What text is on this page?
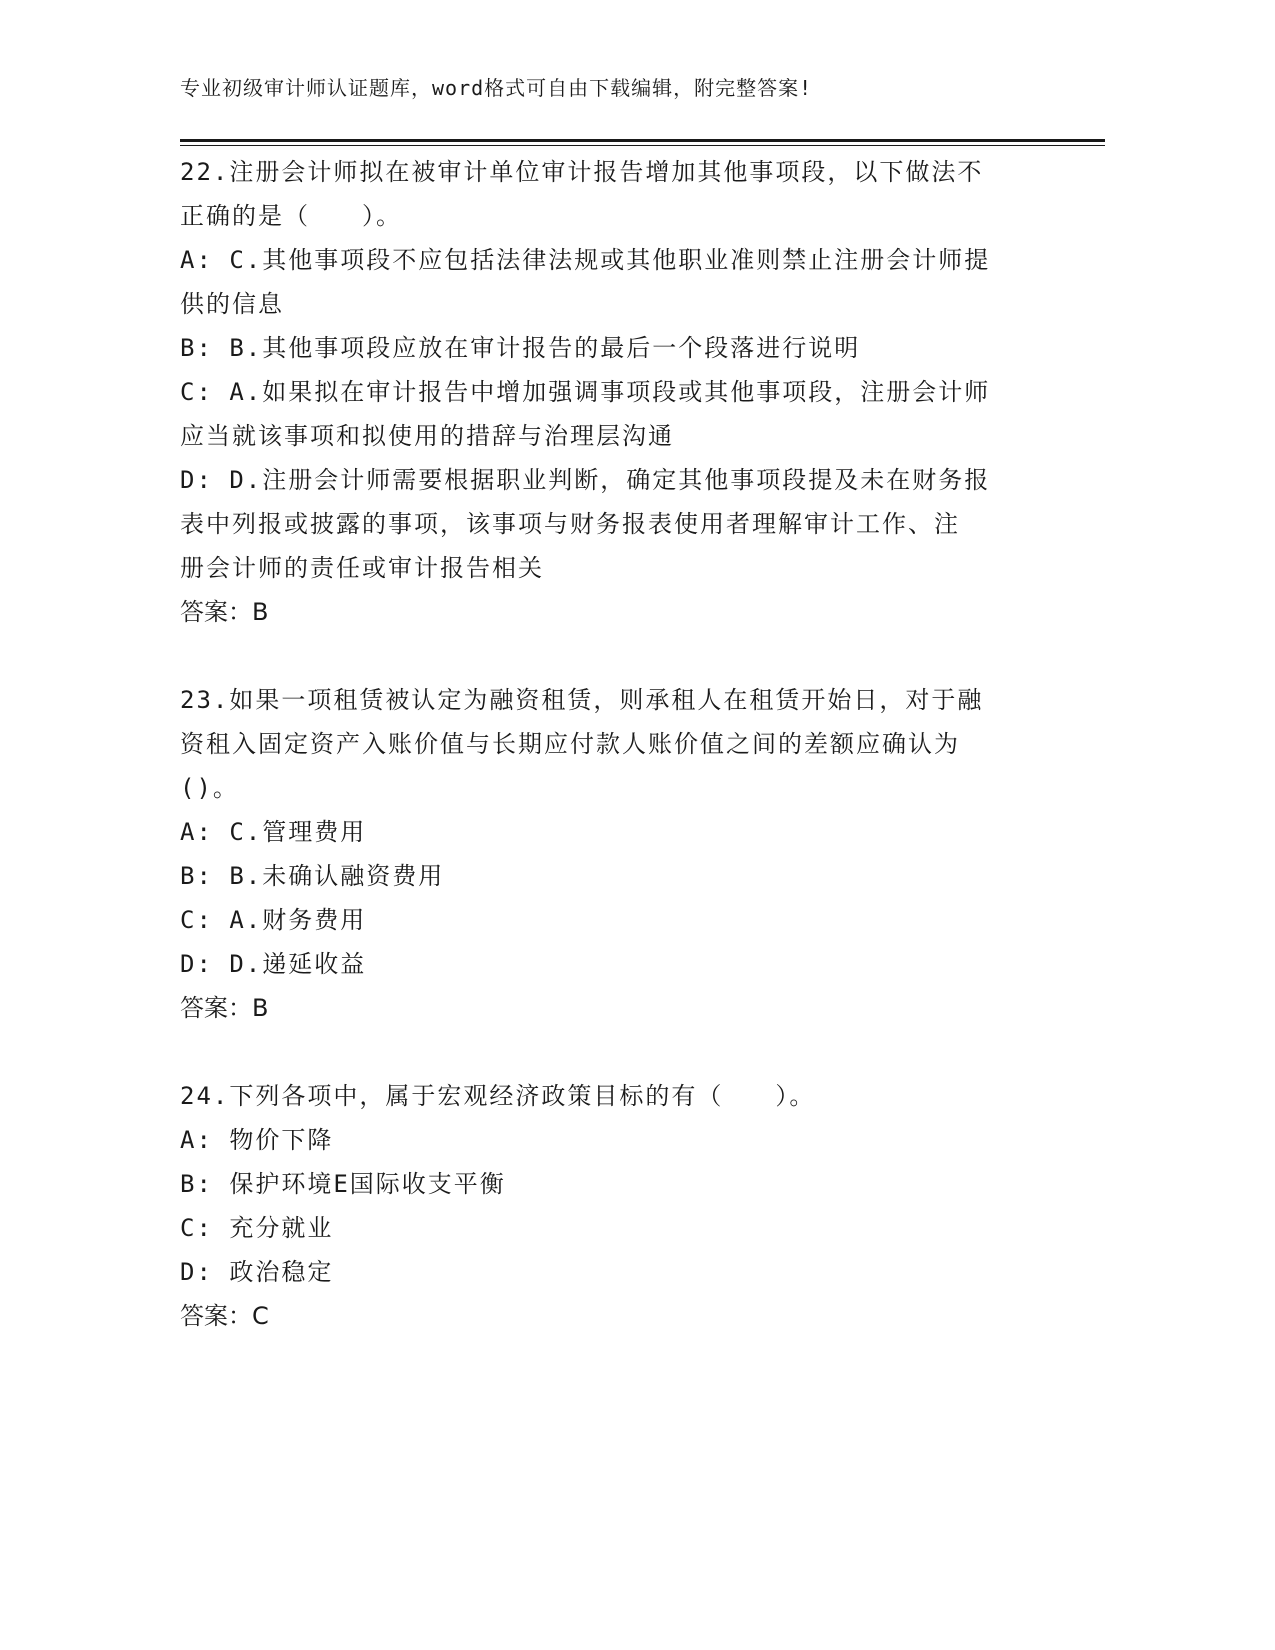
专业初级审计师认证题库，word格式可自由下载编辑，附完整答案!

22.注册会计师拟在被审计单位审计报告增加其他事项段，以下做法不
正确的是（　　）。

A: C.其他事项段不应包括法律法规或其他职业准则禁止注册会计师提
供的信息

B: B.其他事项段应放在审计报告的最后一个段落进行说明

C: A.如果拟在审计报告中增加强调事项段或其他事项段，注册会计师
应当就该事项和拟使用的措辞与治理层沟通

D: D.注册会计师需要根据职业判断，确定其他事项段提及未在财务报
表中列报或披露的事项，该事项与财务报表使用者理解审计工作、注
册会计师的责任或审计报告相关

答案：B

23.如果一项租赁被认定为融资租赁，则承租人在租赁开始日，对于融
资租入固定资产入账价值与长期应付款人账价值之间的差额应确认为
()。

A: C.管理费用

B: B.未确认融资费用

C: A.财务费用

D: D.递延收益

答案：B

24.下列各项中，属于宏观经济政策目标的有（　　）。

A: 物价下降

B: 保护环境E国际收支平衡

C: 充分就业

D: 政治稳定

答案：C
